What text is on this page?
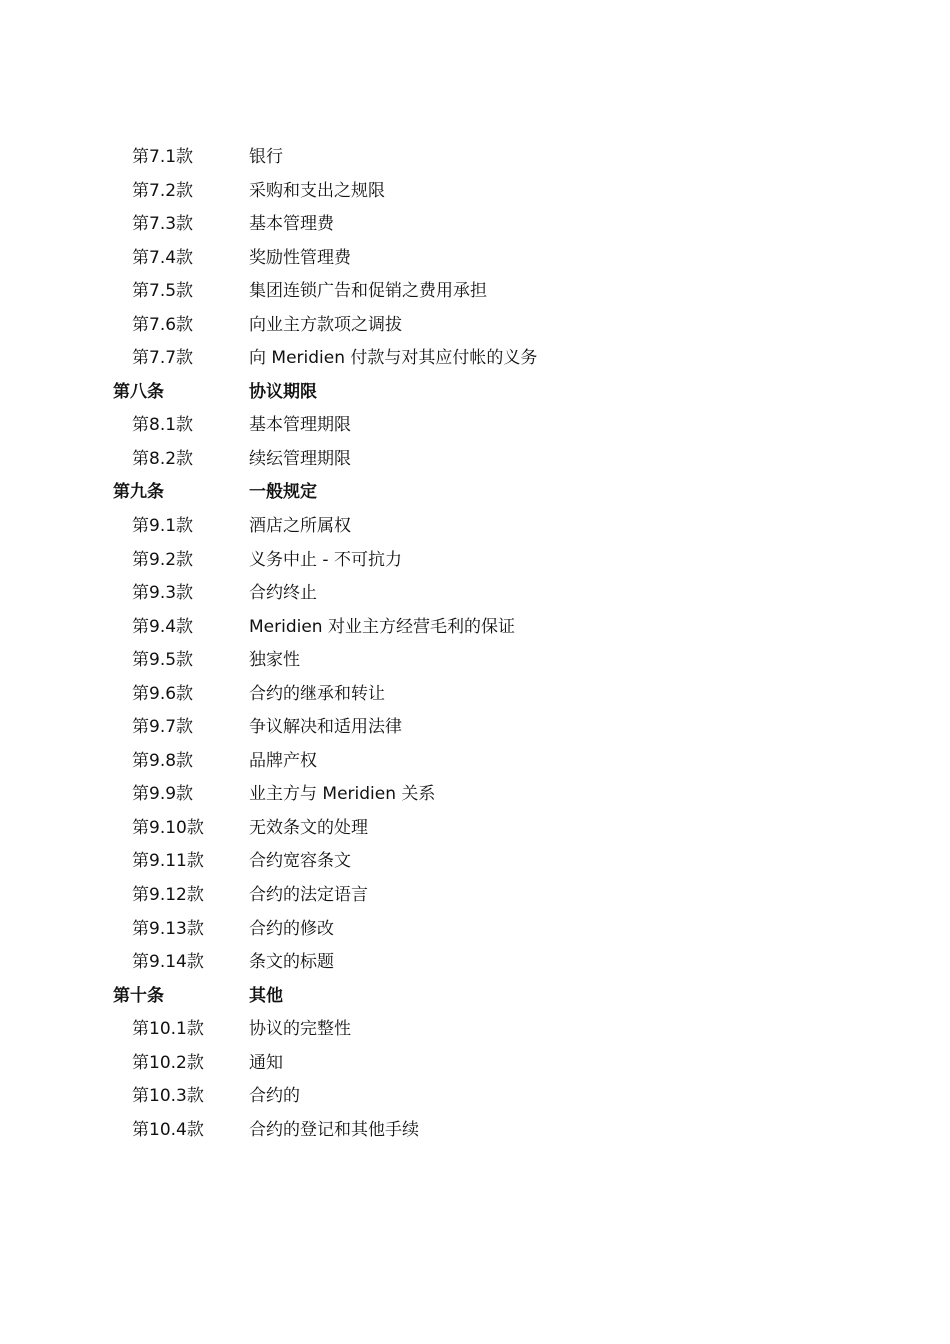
第7.1款	银行
第7.2款	采购和支出之规限
第7.3款	基本管理费
第7.4款	奖励性管理费
第7.5款	集团连锁广告和促销之费用承担
第7.6款	向业主方款项之调拔
第7.7款	向 Meridien 付款与对其应付帐的义务
第八条	协议期限
第8.1款	基本管理期限
第8.2款	续纭管理期限
第九条	一般规定
第9.1款	酒店之所属权
第9.2款	义务中止 - 不可抗力
第9.3款	合约终止
第9.4款	Meridien 对业主方经营毛利的保证
第9.5款	独家性
第9.6款	合约的继承和转让
第9.7款	争议解决和适用法律
第9.8款	品牌产权
第9.9款	业主方与 Meridien 关系
第9.10款	无效条文的处理
第9.11款	合约宽容条文
第9.12款	合约的法定语言
第9.13款	合约的修改
第9.14款	条文的标题
第十条	其他
第10.1款	协议的完整性
第10.2款	通知
第10.3款	合约的
第10.4款	合约的登记和其他手续
